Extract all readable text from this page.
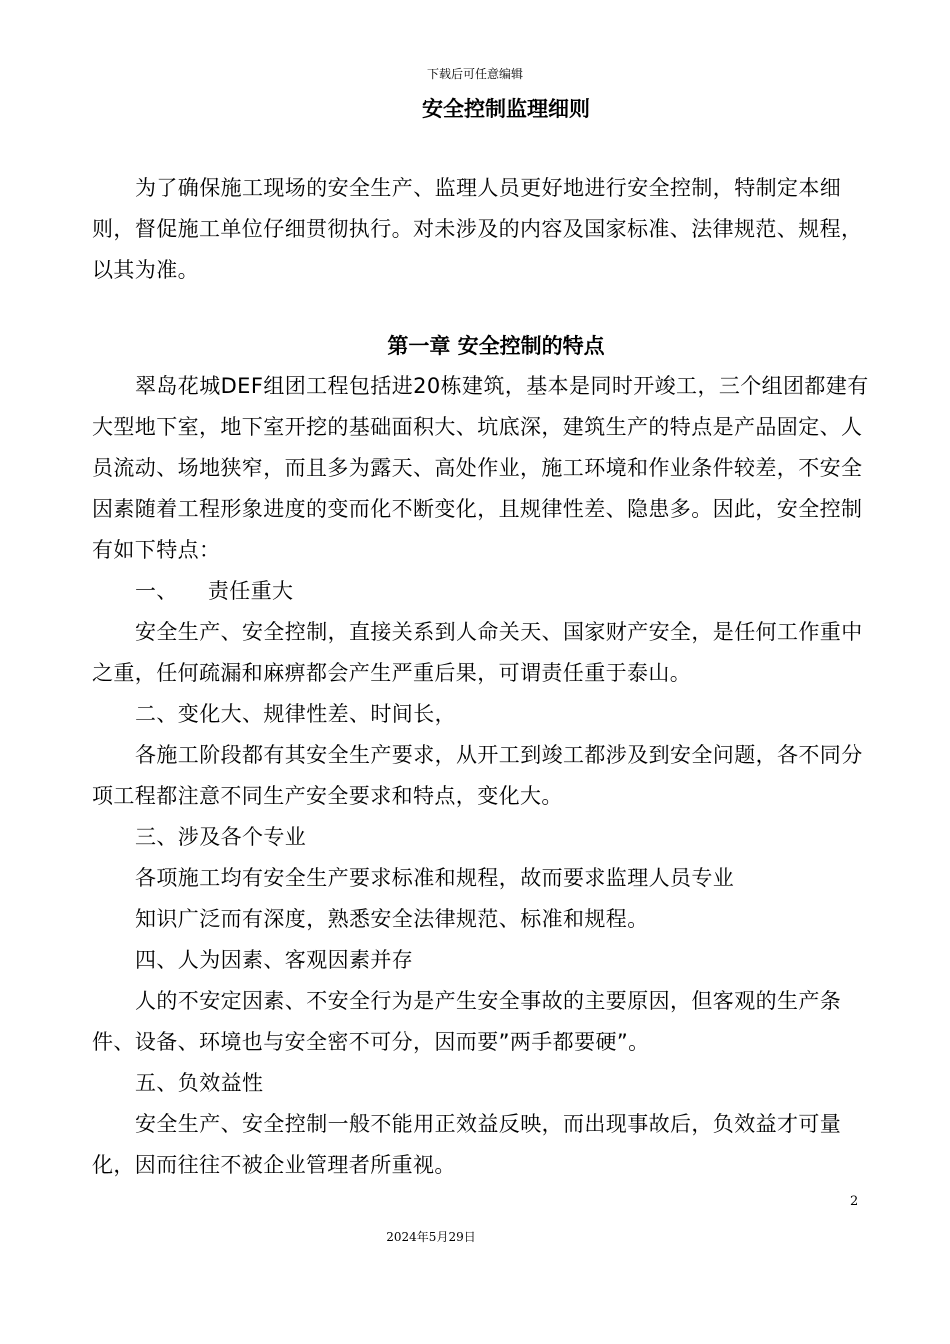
下载后可任意编辑
安全控制监理细则

为了确保施工现场的安全生产、监理人员更好地进行安全控制，特制定本细则，督促施工单位仔细贯彻执行。对未涉及的内容及国家标准、法律规范、规程，以其为准。

第一章 安全控制的特点

翠岛花城DEF组团工程包括进20栋建筑，基本是同时开竣工，三个组团都建有大型地下室，地下室开挖的基础面积大、坑底深，建筑生产的特点是产品固定、人员流动、场地狭窄，而且多为露天、高处作业，施工环境和作业条件较差，不安全因素随着工程形象进度的变而化不断变化，且规律性差、隐患多。因此，安全控制有如下特点：

一、 责任重大

安全生产、安全控制，直接关系到人命关天、国家财产安全，是任何工作重中之重，任何疏漏和麻痹都会产生严重后果，可谓责任重于泰山。

二、变化大、规律性差、时间长，

各施工阶段都有其安全生产要求，从开工到竣工都涉及到安全问题，各不同分项工程都注意不同生产安全要求和特点，变化大。

三、涉及各个专业

各项施工均有安全生产要求标准和规程，故而要求监理人员专业

知识广泛而有深度，熟悉安全法律规范、标准和规程。

四、人为因素、客观因素并存

人的不安定因素、不安全行为是产生安全事故的主要原因，但客观的生产条件、设备、环境也与安全密不可分，因而要”两手都要硬”。

五、负效益性

安全生产、安全控制一般不能用正效益反映，而出现事故后，负效益才可量化，因而往往不被企业管理者所重视。

2
2024年5月29日
